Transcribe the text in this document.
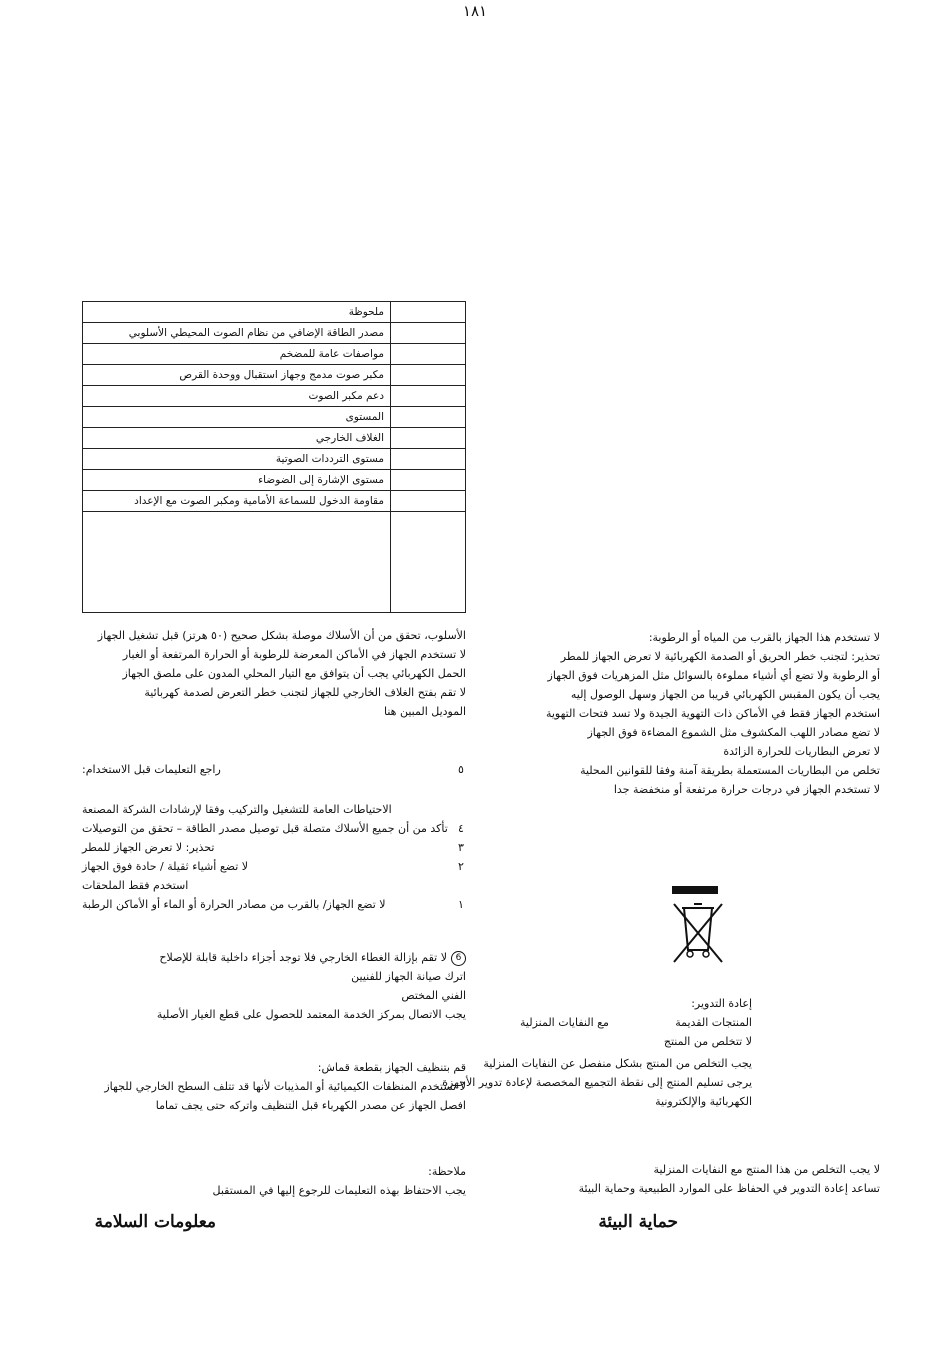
١٨١
ملحوظة	
مصدر الطاقة الإضافي من نظام الصوت المحيطي الأسلوبي	
مواصفات عامة للمضخم	
مكبر صوت مدمج وجهاز استقبال ووحدة القرص	
دعم مكبر الصوت	
المستوى	
الغلاف الخارجي	
مستوى الترددات الصوتية	
مستوى الإشارة إلى الضوضاء	
مقاومة الدخول للسماعة الأمامية ومكبر الصوت مع الإعداد	

الأسلوب، تحقق من أن الأسلاك موصلة بشكل صحيح (٥٠ هرتز) قبل تشغيل الجهاز

لا تستخدم الجهاز في الأماكن المعرضة للرطوبة أو الحرارة المرتفعة أو الغبار

الحمل الكهربائي يجب أن يتوافق مع التيار المحلي المدون على ملصق الجهاز

لا تقم بفتح الغلاف الخارجي للجهاز لتجنب خطر التعرض لصدمة كهربائية

الموديل المبين هنا

راجع التعليمات قبل الاستخدام:	٥
الاحتياطات العامة للتشغيل والتركيب وفقا لإرشادات الشركة المصنعة
تأكد من أن جميع الأسلاك متصلة قبل توصيل مصدر الطاقة – تحقق من التوصيلات ٤
تحذير: لا تعرض الجهاز للمطر	٣
لا تضع أشياء ثقيلة / حادة فوق الجهاز	٢
استخدم فقط الملحقات
لا تضع الجهاز/ بالقرب من مصادر الحرارة أو الماء أو الأماكن الرطبة	١

6لا تقم بإزالة الغطاء الخارجي فلا توجد أجزاء داخلية قابلة للإصلاح

اترك صيانة الجهاز للفنيين

الفني المختص

يجب الاتصال بمركز الخدمة المعتمد للحصول على قطع الغيار الأصلية

قم بتنظيف الجهاز بقطعة قماش:

لا تستخدم المنظفات الكيميائية أو المذيبات لأنها قد تتلف السطح الخارجي للجهاز

افصل الجهاز عن مصدر الكهرباء قبل التنظيف واتركه حتى يجف تماما

ملاحظة:

يجب الاحتفاظ بهذه التعليمات للرجوع إليها في المستقبل

معلومات السلامة

لا تستخدم هذا الجهاز بالقرب من المياه أو الرطوبة:

تحذير: لتجنب خطر الحريق أو الصدمة الكهربائية لا تعرض الجهاز للمطر

أو الرطوبة ولا تضع أي أشياء مملوءة بالسوائل مثل المزهريات فوق الجهاز

يجب أن يكون المقبس الكهربائي قريبا من الجهاز وسهل الوصول إليه

استخدم الجهاز فقط في الأماكن ذات التهوية الجيدة ولا تسد فتحات التهوية

لا تضع مصادر اللهب المكشوف مثل الشموع المضاءة فوق الجهاز

لا تعرض البطاريات للحرارة الزائدة

تخلص من البطاريات المستعملة بطريقة آمنة وفقا للقوانين المحلية

لا تستخدم الجهاز في درجات حرارة مرتفعة أو منخفضة جدا

إعادة التدوير:

مع النفايات المنزلية	المنتجات القديمة

لا تتخلص من المنتج

يجب التخلص من المنتج بشكل منفصل عن النفايات المنزلية

يرجى تسليم المنتج إلى نقطة التجميع المخصصة لإعادة تدوير الأجهزة

الكهربائية والإلكترونية

لا يجب التخلص من هذا المنتج مع النفايات المنزلية

تساعد إعادة التدوير في الحفاظ على الموارد الطبيعية وحماية البيئة

حماية البيئة
